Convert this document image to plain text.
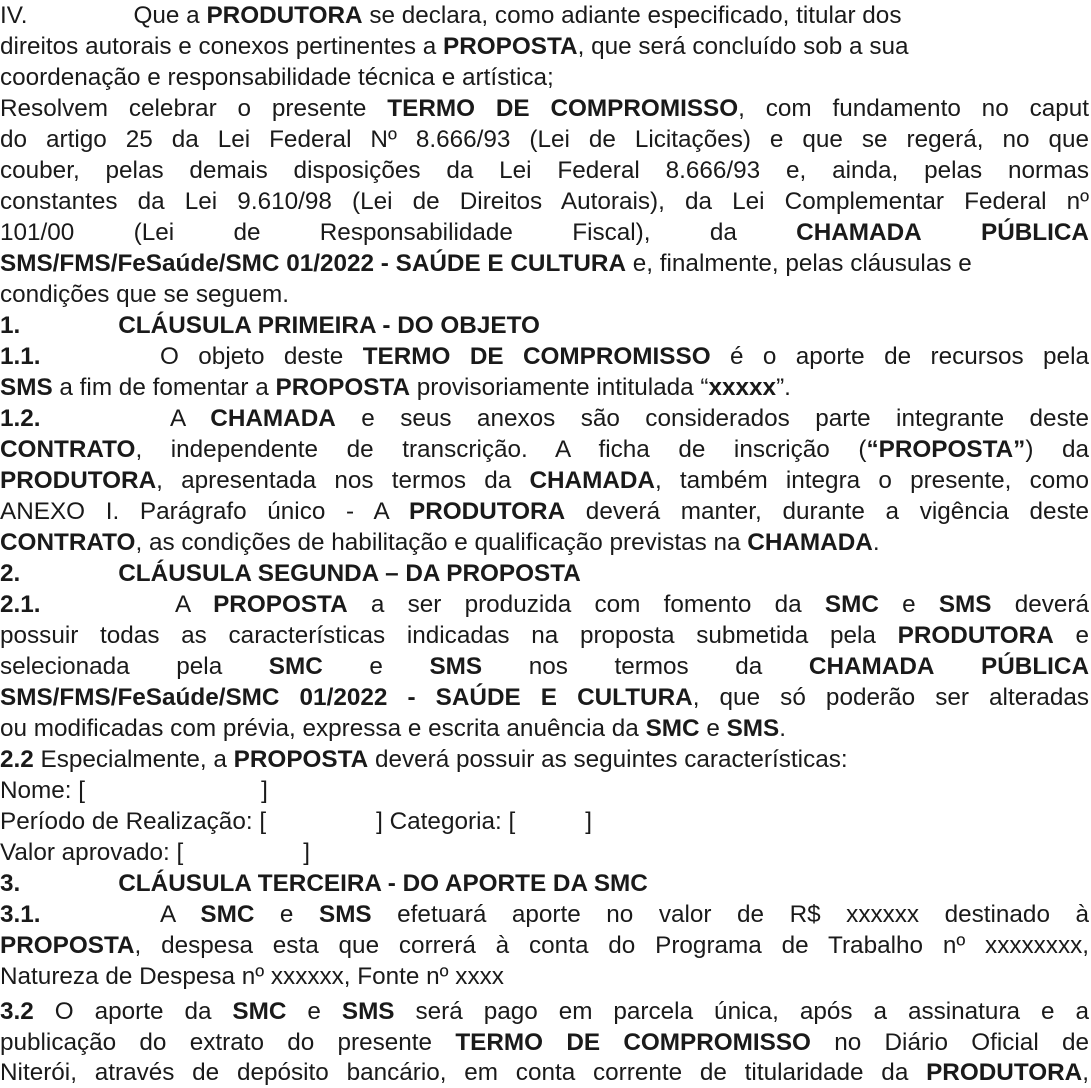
IV.	Que a PRODUTORA se declara, como adiante especificado, titular dos
direitos autorais e conexos pertinentes a PROPOSTA, que será concluído sob a sua
coordenação e responsabilidade técnica e artística;
Resolvem celebrar o presente TERMO DE COMPROMISSO, com fundamento no caput
do artigo 25 da Lei Federal Nº 8.666/93 (Lei de Licitações) e que se regerá, no que
couber, pelas demais disposições da Lei Federal 8.666/93 e, ainda, pelas normas
constantes da Lei 9.610/98 (Lei de Direitos Autorais), da Lei Complementar Federal nº
101/00 (Lei de Responsabilidade Fiscal), da CHAMADA PÚBLICA
SMS/FMS/FeSaúde/SMC 01/2022 - SAÚDE E CULTURA e, finalmente, pelas cláusulas e
condições que se seguem.
1.	CLÁUSULA PRIMEIRA - DO OBJETO
1.1.	O objeto deste TERMO DE COMPROMISSO é o aporte de recursos pela
SMS a fim de fomentar a PROPOSTA provisoriamente intitulada “xxxxx”.
1.2.	A CHAMADA e seus anexos são considerados parte integrante deste
CONTRATO, independente de transcrição. A ficha de inscrição (“PROPOSTA”) da
PRODUTORA, apresentada nos termos da CHAMADA, também integra o presente, como
ANEXO I. Parágrafo único - A PRODUTORA deverá manter, durante a vigência deste
CONTRATO, as condições de habilitação e qualificação previstas na CHAMADA.
2.	CLÁUSULA SEGUNDA – DA PROPOSTA
2.1.	A PROPOSTA a ser produzida com fomento da SMC e SMS deverá
possuir todas as características indicadas na proposta submetida pela PRODUTORA e
selecionada pela SMC e SMS nos termos da CHAMADA PÚBLICA
SMS/FMS/FeSaúde/SMC 01/2022 - SAÚDE E CULTURA, que só poderão ser alteradas
ou modificadas com prévia, expressa e escrita anuência da SMC e SMS.
2.2 Especialmente, a PROPOSTA deverá possuir as seguintes características:
Nome: [	]
Período de Realização: [	] Categoria: [	]
Valor aprovado: [	]
3.	CLÁUSULA TERCEIRA - DO APORTE DA SMC
3.1.	A SMC e SMS efetuará aporte no valor de R$ xxxxxx destinado à
PROPOSTA, despesa esta que correrá à conta do Programa de Trabalho nº xxxxxxxx,
Natureza de Despesa nº xxxxxx, Fonte nº xxxx
3.2 O aporte da SMC e SMS será pago em parcela única, após a assinatura e a
publicação do extrato do presente TERMO DE COMPROMISSO no Diário Oficial de
Niterói, através de depósito bancário, em conta corrente de titularidade da PRODUTORA,
